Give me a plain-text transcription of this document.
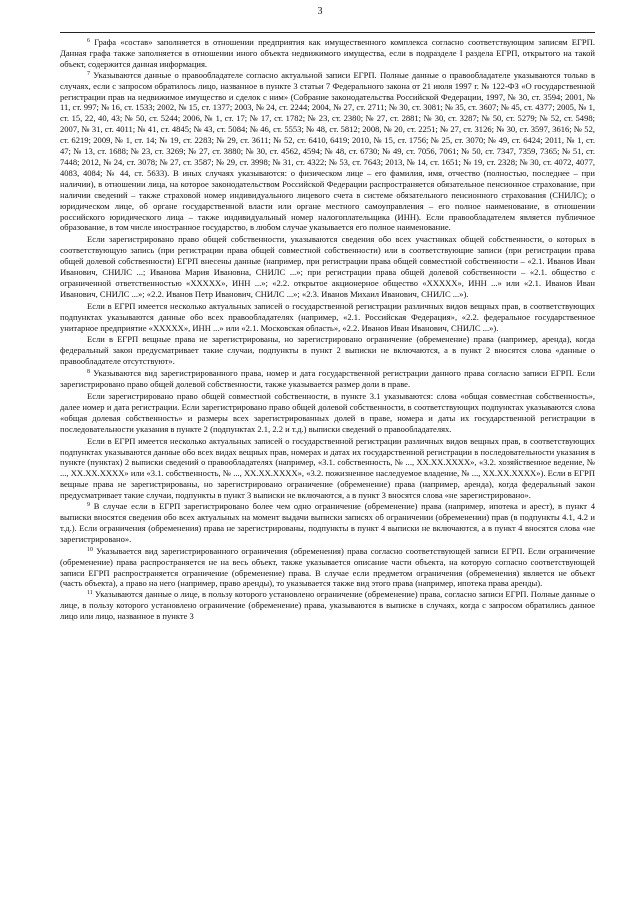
3

$^6$ Графа «состав» заполняется в отношении предприятия как имущественного комплекса согласно соответствующим записям ЕГРП. Данная графа также заполняется в отношении иного объекта недвижимого имущества, если в подразделе I раздела ЕГРП, открытого на такой объект, содержится данная информация.

$^7$ Указываются данные о правообладателе согласно актуальной записи ЕГРП. Полные данные о правообладателе указываются только в случаях, если с запросом обратилось лицо, названное в пункте 3 статьи 7 Федерального закона от 21 июля 1997 г. № 122-ФЗ «О государственной регистрации прав на недвижимое имущество и сделок с ним» (Собрание законодательства Российской Федерации, 1997, № 30, ст. 3594; 2001, № 11, ст. 997; № 16, ст. 1533; 2002, № 15, ст. 1377; 2003, № 24, ст. 2244; 2004, № 27, ст. 2711; № 30, ст. 3081; № 35, ст. 3607; № 45, ст. 4377; 2005, № 1, ст. 15, 22, 40, 43; № 50, ст. 5244; 2006, № 1, ст. 17; № 17, ст. 1782; № 23, ст. 2380; № 27, ст. 2881; № 30, ст. 3287; № 50, ст. 5279; № 52, ст. 5498; 2007, № 31, ст. 4011; № 41, ст. 4845; № 43, ст. 5084; № 46, ст. 5553; № 48, ст. 5812; 2008, № 20, ст. 2251; № 27, ст. 3126; № 30, ст. 3597, 3616; № 52, ст. 6219; 2009, № 1, ст. 14; № 19, ст. 2283; № 29, ст. 3611; № 52, ст. 6410, 6419; 2010, № 15, ст. 1756; № 25, ст. 3070; № 49, ст. 6424; 2011, № 1, ст. 47; № 13, ст. 1688; № 23, ст. 3269; № 27, ст. 3880; № 30, ст. 4562, 4594; № 48, ст. 6730; № 49, ст. 7056, 7061; № 50, ст. 7347, 7359, 7365; № 51, ст. 7448; 2012, № 24, ст. 3078; № 27, ст. 3587; № 29, ст. 3998; № 31, ст. 4322; № 53, ст. 7643; 2013, № 14, ст. 1651; № 19, ст. 2328; № 30, ст. 4072, 4077, 4083, 4084; № 44, ст. 5633). В иных случаях указываются: о физическом лице – его фамилия, имя, отчество (полностью, последнее – при наличии), в отношении лица, на которое законодательством Российской Федерации распространяется обязательное пенсионное страхование, при наличии сведений – также страховой номер индивидуального лицевого счета в системе обязательного пенсионного страхования (СНИЛС); о юридическом лице, об органе государственной власти или органе местного самоуправления – его полное наименование, в отношении российского юридического лица – также индивидуальный номер налогоплательщика (ИНН). Если правообладателем является публичное образование, в том числе иностранное государство, в любом случае указывается его полное наименование.

Если зарегистрировано право общей собственности, указываются сведения обо всех участниках общей собственности, о которых в соответствующую запись (при регистрации права общей совместной собственности) или в соответствующие записи (при регистрации права общей долевой собственности) ЕГРП внесены данные (например, при регистрации права общей совместной собственности – «2.1. Иванов Иван Иванович, СНИЛС ...; Иванова Мария Ивановна, СНИЛС ...»; при регистрации права общей долевой собственности – «2.1. общество с ограниченной ответственностью «XXXXX», ИНН ...»; «2.2. открытое акционерное общество «XXXXX», ИНН ...» или «2.1. Иванов Иван Иванович, СНИЛС ...»; «2.2. Иванов Петр Иванович, СНИЛС ...»; «2.3. Иванов Михаил Иванович, СНИЛС ...»).

Если в ЕГРП имеется несколько актуальных записей о государственной регистрации различных видов вещных прав, в соответствующих подпунктах указываются данные обо всех правообладателях (например, «2.1. Российская Федерация», «2.2. федеральное государственное унитарное предприятие «XXXXX», ИНН ...» или «2.1. Московская область», «2.2. Иванов Иван Иванович, СНИЛС ...»).

Если в ЕГРП вещные права не зарегистрированы, но зарегистрировано ограничение (обременение) права (например, аренда), когда федеральный закон предусматривает такие случаи, подпункты в пункт 2 выписки не включаются, а в пункт 2 вносятся слова «данные о правообладателе отсутствуют».

$^8$ Указываются вид зарегистрированного права, номер и дата государственной регистрации данного права согласно записи ЕГРП. Если зарегистрировано право общей долевой собственности, также указывается размер доли в праве.

Если зарегистрировано право общей совместной собственности, в пункте 3.1 указываются: слова «общая совместная собственность», далее номер и дата регистрации. Если зарегистрировано право общей долевой собственности, в соответствующих подпунктах указываются слова «общая долевая собственность» и размеры всех зарегистрированных долей в праве, номера и даты их государственной регистрации в последовательности указания в пункте 2 (подпунктах 2.1, 2.2 и т.д.) выписки сведений о правообладателях.

Если в ЕГРП имеется несколько актуальных записей о государственной регистрации различных видов вещных прав, в соответствующих подпунктах указываются данные обо всех видах вещных прав, номерах и датах их государственной регистрации в последовательности указания в пункте (пунктах) 2 выписки сведений о правообладателях (например, «3.1. собственность, № ..., XX.XX.XXXX», «3.2. хозяйственное ведение, № ..., XX.XX.XXXX» или «3.1. собственность, № ..., XX.XX.XXXX», «3.2. пожизненное наследуемое владение, № ..., XX.XX.XXXX»). Если в ЕГРП вещные права не зарегистрированы, но зарегистрировано ограничение (обременение) права (например, аренда), когда федеральный закон предусматривает такие случаи, подпункты в пункт 3 выписки не включаются, а в пункт 3 вносятся слова «не зарегистрировано».

$^9$ В случае если в ЕГРП зарегистрировано более чем одно ограничение (обременение) права (например, ипотека и арест), в пункт 4 выписки вносятся сведения обо всех актуальных на момент выдачи выписки записях об ограничении (обременении) прав (в подпункты 4.1, 4.2 и т.д.). Если ограничения (обременения) права не зарегистрированы, подпункты в пункт 4 выписки не включаются, а в пункт 4 вносятся слова «не зарегистрировано».

$^{10}$ Указывается вид зарегистрированного ограничения (обременения) права согласно соответствующей записи ЕГРП. Если ограничение (обременение) права распространяется не на весь объект, также указывается описание части объекта, на которую согласно соответствующей записи ЕГРП распространяется ограничение (обременение) права. В случае если предметом ограничения (обременения) является не объект (часть объекта), а право на него (например, право аренды), то указывается также вид этого права (например, ипотека права аренды).

$^{11}$ Указываются данные о лице, в пользу которого установлено ограничение (обременение) права, согласно записи ЕГРП. Полные данные о лице, в пользу которого установлено ограничение (обременение) права, указываются в выписке в случаях, когда с запросом обратились данное лицо или лицо, названное в пункте 3
